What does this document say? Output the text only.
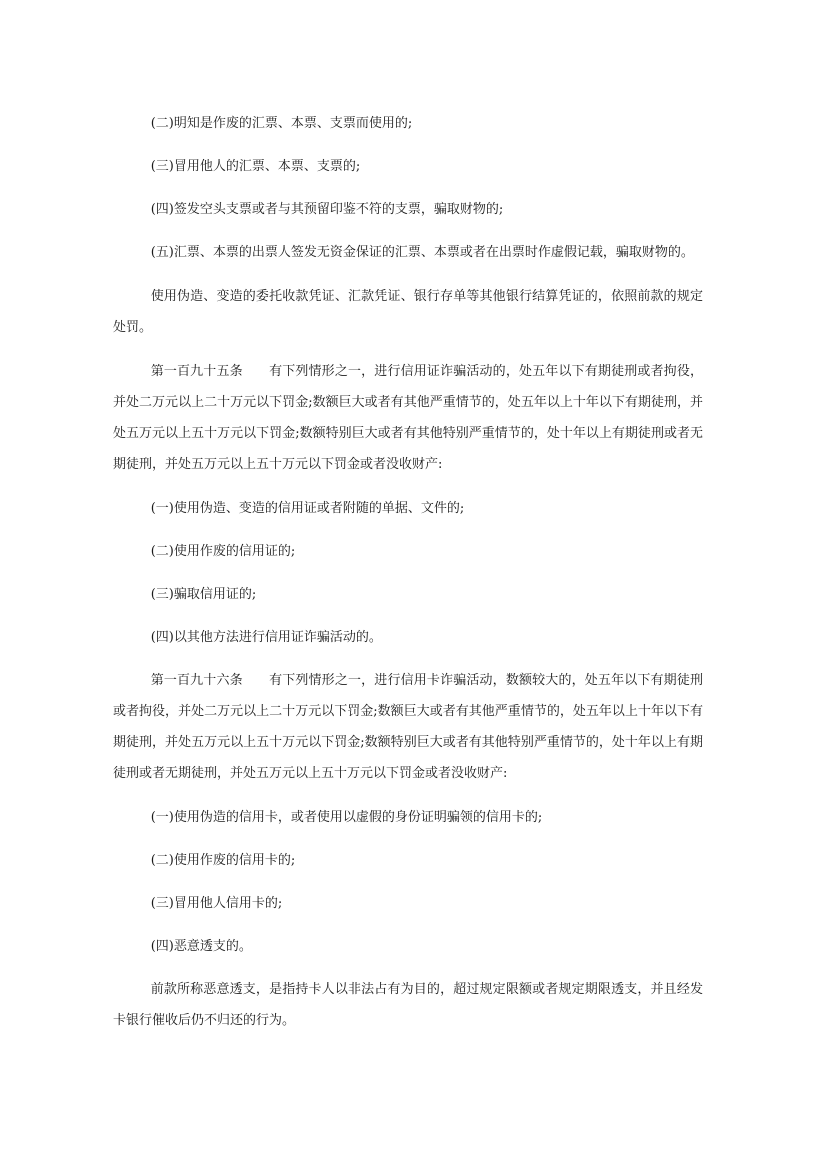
(二)明知是作废的汇票、本票、支票而使用的;

(三)冒用他人的汇票、本票、支票的;

(四)签发空头支票或者与其预留印鉴不符的支票，骗取财物的;

(五)汇票、本票的出票人签发无资金保证的汇票、本票或者在出票时作虚假记载，骗取财物的。

使用伪造、变造的委托收款凭证、汇款凭证、银行存单等其他银行结算凭证的，依照前款的规定处罚。

第一百九十五条　　有下列情形之一，进行信用证诈骗活动的，处五年以下有期徒刑或者拘役，并处二万元以上二十万元以下罚金;数额巨大或者有其他严重情节的，处五年以上十年以下有期徒刑，并处五万元以上五十万元以下罚金;数额特别巨大或者有其他特别严重情节的，处十年以上有期徒刑或者无期徒刑，并处五万元以上五十万元以下罚金或者没收财产:

(一)使用伪造、变造的信用证或者附随的单据、文件的;

(二)使用作废的信用证的;

(三)骗取信用证的;

(四)以其他方法进行信用证诈骗活动的。

第一百九十六条　　有下列情形之一，进行信用卡诈骗活动，数额较大的，处五年以下有期徒刑或者拘役，并处二万元以上二十万元以下罚金;数额巨大或者有其他严重情节的，处五年以上十年以下有期徒刑，并处五万元以上五十万元以下罚金;数额特别巨大或者有其他特别严重情节的，处十年以上有期徒刑或者无期徒刑，并处五万元以上五十万元以下罚金或者没收财产:

(一)使用伪造的信用卡，或者使用以虚假的身份证明骗领的信用卡的;

(二)使用作废的信用卡的;

(三)冒用他人信用卡的;

(四)恶意透支的。

前款所称恶意透支，是指持卡人以非法占有为目的，超过规定限额或者规定期限透支，并且经发卡银行催收后仍不归还的行为。
